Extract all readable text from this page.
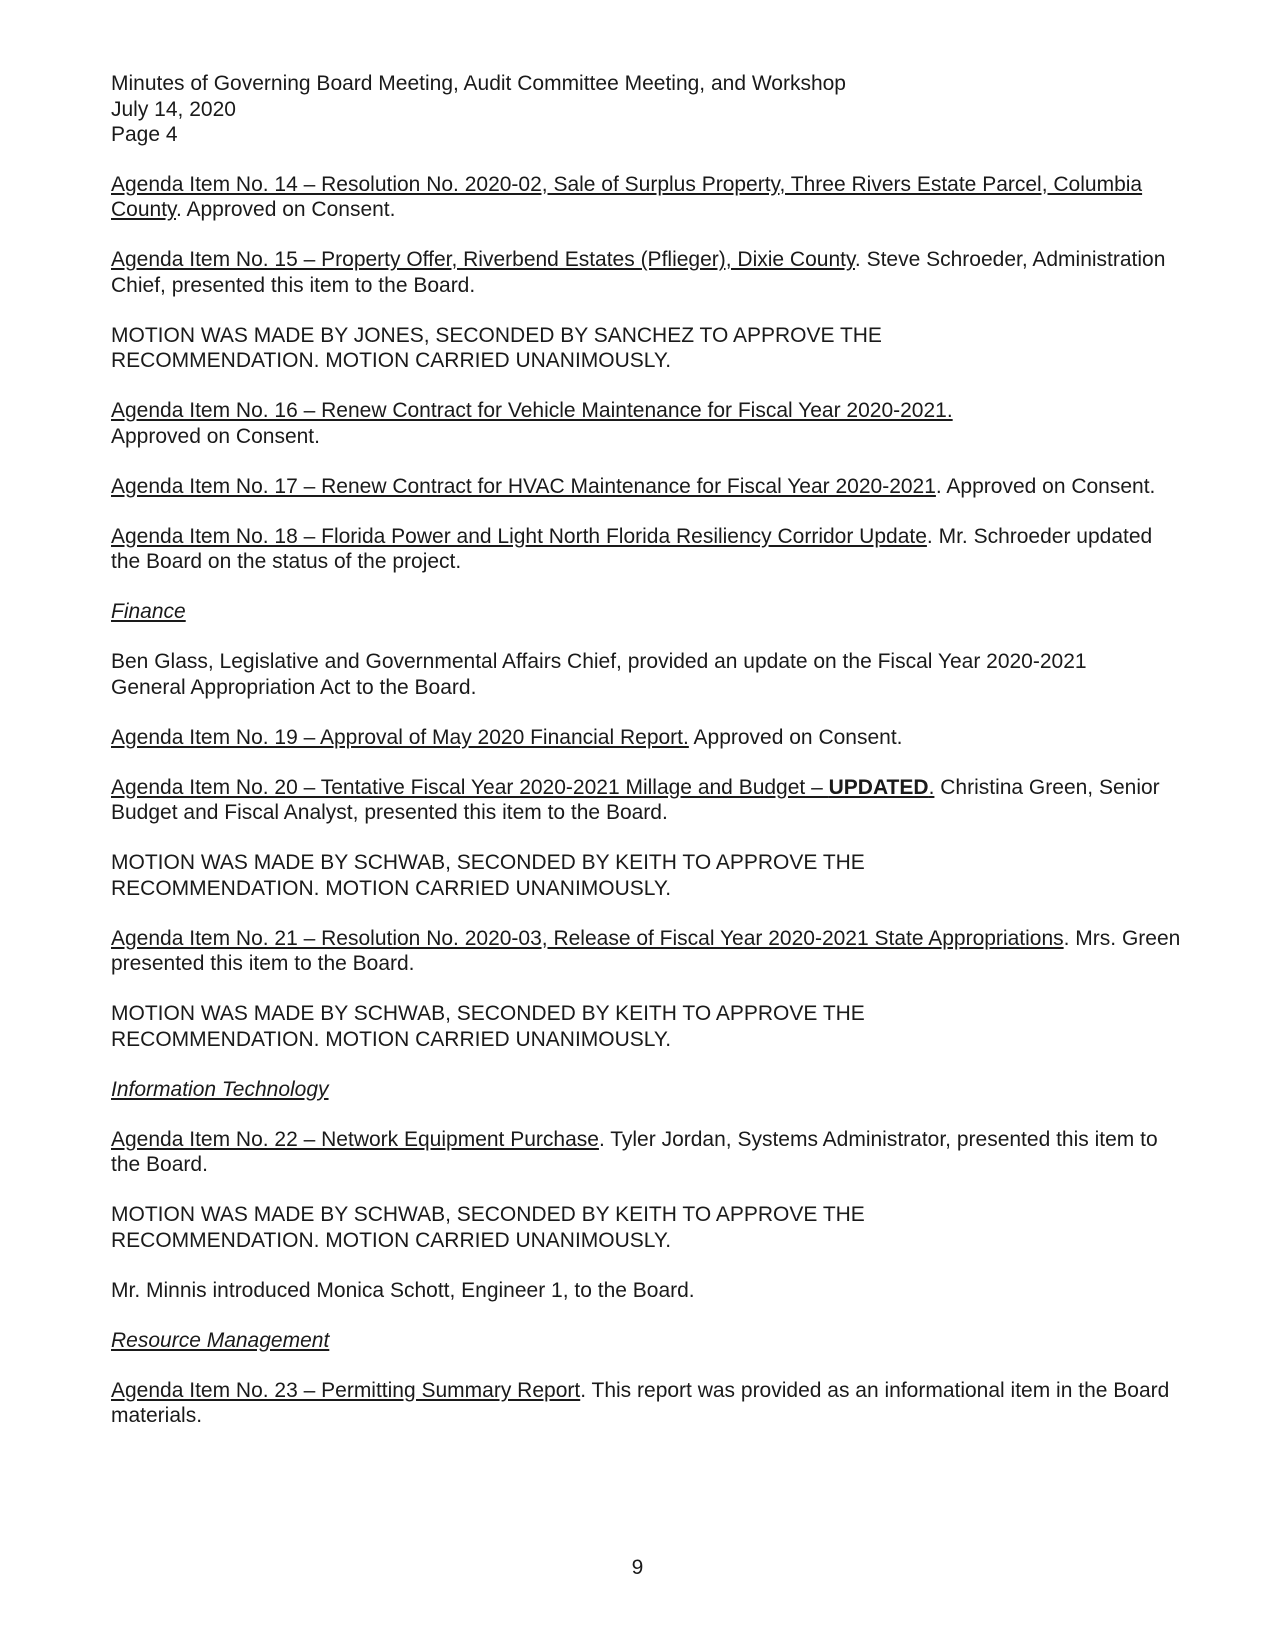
Minutes of Governing Board Meeting, Audit Committee Meeting, and Workshop
July 14, 2020
Page 4

Agenda Item No. 14 – Resolution No. 2020-02, Sale of Surplus Property, Three Rivers Estate Parcel, Columbia County. Approved on Consent.

Agenda Item No. 15 – Property Offer, Riverbend Estates (Pflieger), Dixie County. Steve Schroeder, Administration Chief, presented this item to the Board.

MOTION WAS MADE BY JONES, SECONDED BY SANCHEZ TO APPROVE THE RECOMMENDATION. MOTION CARRIED UNANIMOUSLY.

Agenda Item No. 16 – Renew Contract for Vehicle Maintenance for Fiscal Year 2020-2021.
Approved on Consent.

Agenda Item No. 17 – Renew Contract for HVAC Maintenance for Fiscal Year 2020-2021. Approved on Consent.

Agenda Item No. 18 – Florida Power and Light North Florida Resiliency Corridor Update. Mr. Schroeder updated the Board on the status of the project.

Finance

Ben Glass, Legislative and Governmental Affairs Chief, provided an update on the Fiscal Year 2020-2021 General Appropriation Act to the Board.

Agenda Item No. 19 – Approval of May 2020 Financial Report. Approved on Consent.

Agenda Item No. 20 – Tentative Fiscal Year 2020-2021 Millage and Budget – UPDATED. Christina Green, Senior Budget and Fiscal Analyst, presented this item to the Board.

MOTION WAS MADE BY SCHWAB, SECONDED BY KEITH TO APPROVE THE RECOMMENDATION. MOTION CARRIED UNANIMOUSLY.

Agenda Item No. 21 – Resolution No. 2020-03, Release of Fiscal Year 2020-2021 State Appropriations. Mrs. Green presented this item to the Board.

MOTION WAS MADE BY SCHWAB, SECONDED BY KEITH TO APPROVE THE RECOMMENDATION. MOTION CARRIED UNANIMOUSLY.

Information Technology

Agenda Item No. 22 – Network Equipment Purchase. Tyler Jordan, Systems Administrator, presented this item to the Board.

MOTION WAS MADE BY SCHWAB, SECONDED BY KEITH TO APPROVE THE RECOMMENDATION. MOTION CARRIED UNANIMOUSLY.

Mr. Minnis introduced Monica Schott, Engineer 1, to the Board.

Resource Management

Agenda Item No. 23 – Permitting Summary Report. This report was provided as an informational item in the Board materials.

9
